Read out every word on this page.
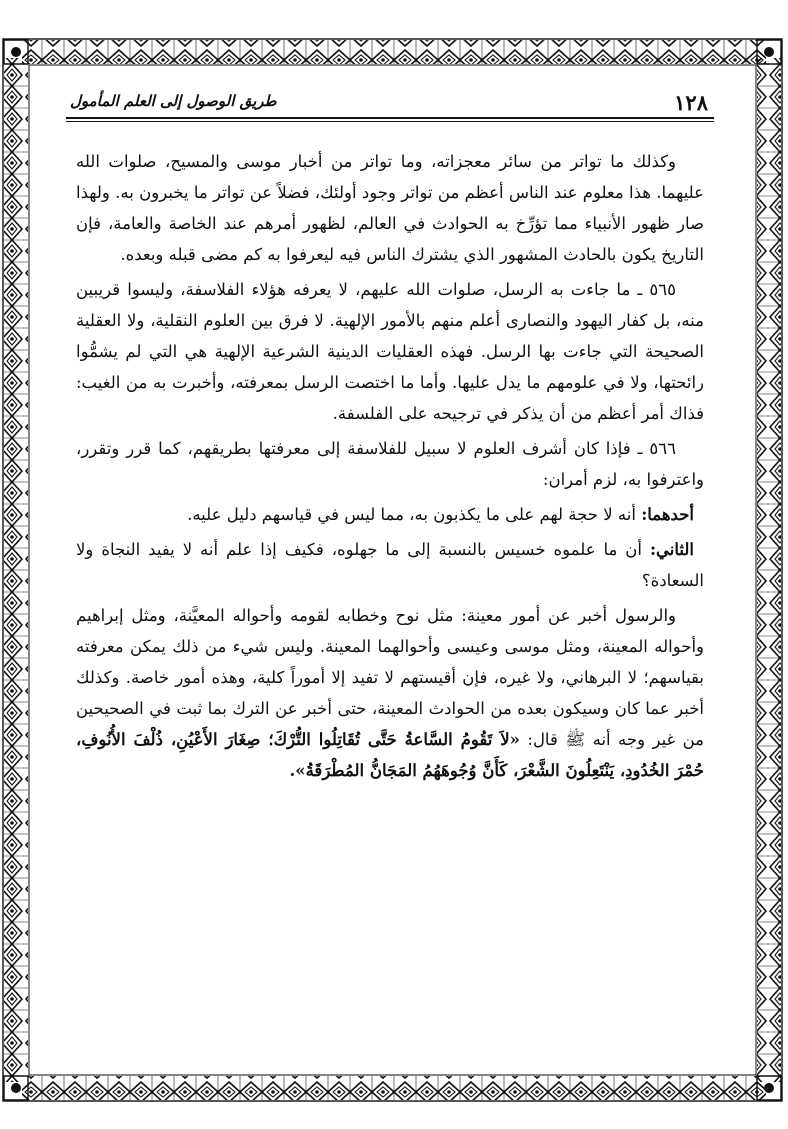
طريق الوصول إلى العلم المأمول	١٢٨

وكذلك ما تواتر من سائر معجزاته، وما تواتر من أخبار موسى والمسيح، صلوات الله عليهما. هذا معلوم عند الناس أعظم من تواتر وجود أولئك، فضلاً عن تواتر ما يخبرون به. ولهذا صار ظهور الأنبياء مما تؤرِّخ به الحوادث في العالم، لظهور أمرهم عند الخاصة والعامة، فإن التاريخ يكون بالحادث المشهور الذي يشترك الناس فيه ليعرفوا به كم مضى قبله وبعده.

٥٦٥ ـ ما جاءت به الرسل، صلوات الله عليهم، لا يعرفه هؤلاء الفلاسفة، وليسوا قريبين منه، بل كفار اليهود والنصارى أعلم منهم بالأمور الإلهية. لا فرق بين العلوم النقلية، ولا العقلية الصحيحة التي جاءت بها الرسل. فهذه العقليات الدينية الشرعية الإلهية هي التي لم يشمُّوا رائحتها، ولا في علومهم ما يدل عليها. وأما ما اختصت الرسل بمعرفته، وأخبرت به من الغيب: فذاك أمر أعظم من أن يذكر في ترجيحه على الفلسفة.

٥٦٦ ـ فإذا كان أشرف العلوم لا سبيل للفلاسفة إلى معرفتها بطريقهم، كما قرر وتقرر، واعترفوا به، لزم أمران:

أحدهما: أنه لا حجة لهم على ما يكذبون به، مما ليس في قياسهم دليل عليه.

الثاني: أن ما علموه خسيس بالنسبة إلى ما جهلوه، فكيف إذا علم أنه لا يفيد النجاة ولا السعادة؟

والرسول أخبر عن أمور معينة: مثل نوح وخطابه لقومه وأحواله المعيَّنة، ومثل إبراهيم وأحواله المعينة، ومثل موسى وعيسى وأحوالهما المعينة. وليس شيء من ذلك يمكن معرفته بقياسهم؛ لا البرهاني، ولا غيره، فإن أقيستهم لا تفيد إلا أموراً كلية، وهذه أمور خاصة. وكذلك أخبر عما كان وسيكون بعده من الحوادث المعينة، حتى أخبر عن الترك بما ثبت في الصحيحين من غير وجه أنه ﷺ قال: «لاَ تَقُومُ السَّاعةُ حَتَّى تُقَاتِلُوا التُّرْكَ؛ صِغَارَ الأَعْيُنِ، ذُلْفَ الأُنُوفِ، حُمْرَ الخُدُودِ، يَنْتَعِلُونَ الشَّعْرَ، كَأَنَّ وُجُوهَهُمُ المَجَانُّ المُطْرَقَةُ».
